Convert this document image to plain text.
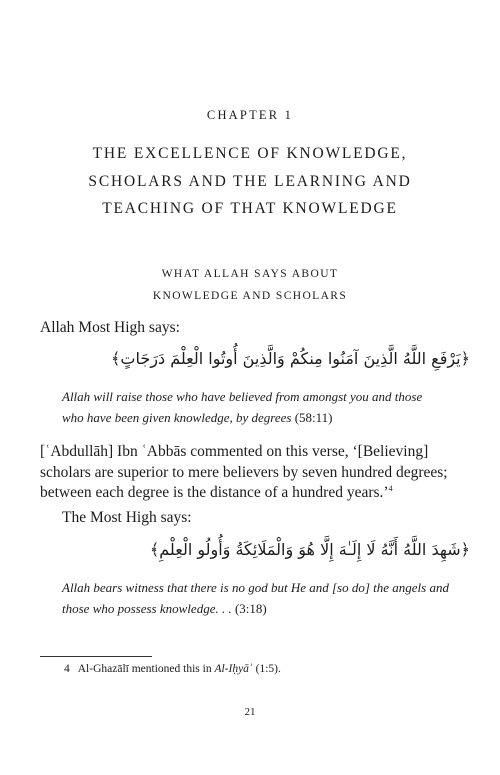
CHAPTER 1
THE EXCELLENCE OF KNOWLEDGE,
SCHOLARS AND THE LEARNING AND
TEACHING OF THAT KNOWLEDGE
WHAT ALLAH SAYS ABOUT
KNOWLEDGE AND SCHOLARS
Allah Most High says:
﴿يَرْفَعِ اللَّهُ الَّذِينَ آمَنُوا مِنكُمْ وَالَّذِينَ أُوتُوا الْعِلْمَ دَرَجَاتٍ﴾
Allah will raise those who have believed from amongst you and those
who have been given knowledge, by degrees (58:11)
[ʿAbdullāh] Ibn ʿAbbās commented on this verse, ‘[Believing]
scholars are superior to mere believers by seven hundred degrees;
between each degree is the distance of a hundred years.’$^4$
The Most High says:
﴿شَهِدَ اللَّهُ أَنَّهُ لَا إِلَـٰهَ إِلَّا هُوَ وَالْمَلَائِكَةُ وَأُولُو الْعِلْمِ﴾
Allah bears witness that there is no god but He and [so do] the angels and
those who possess knowledge. . . (3:18)
4 Al-Ghazālī mentioned this in Al-Iḥyāʾ (1:5).
21
